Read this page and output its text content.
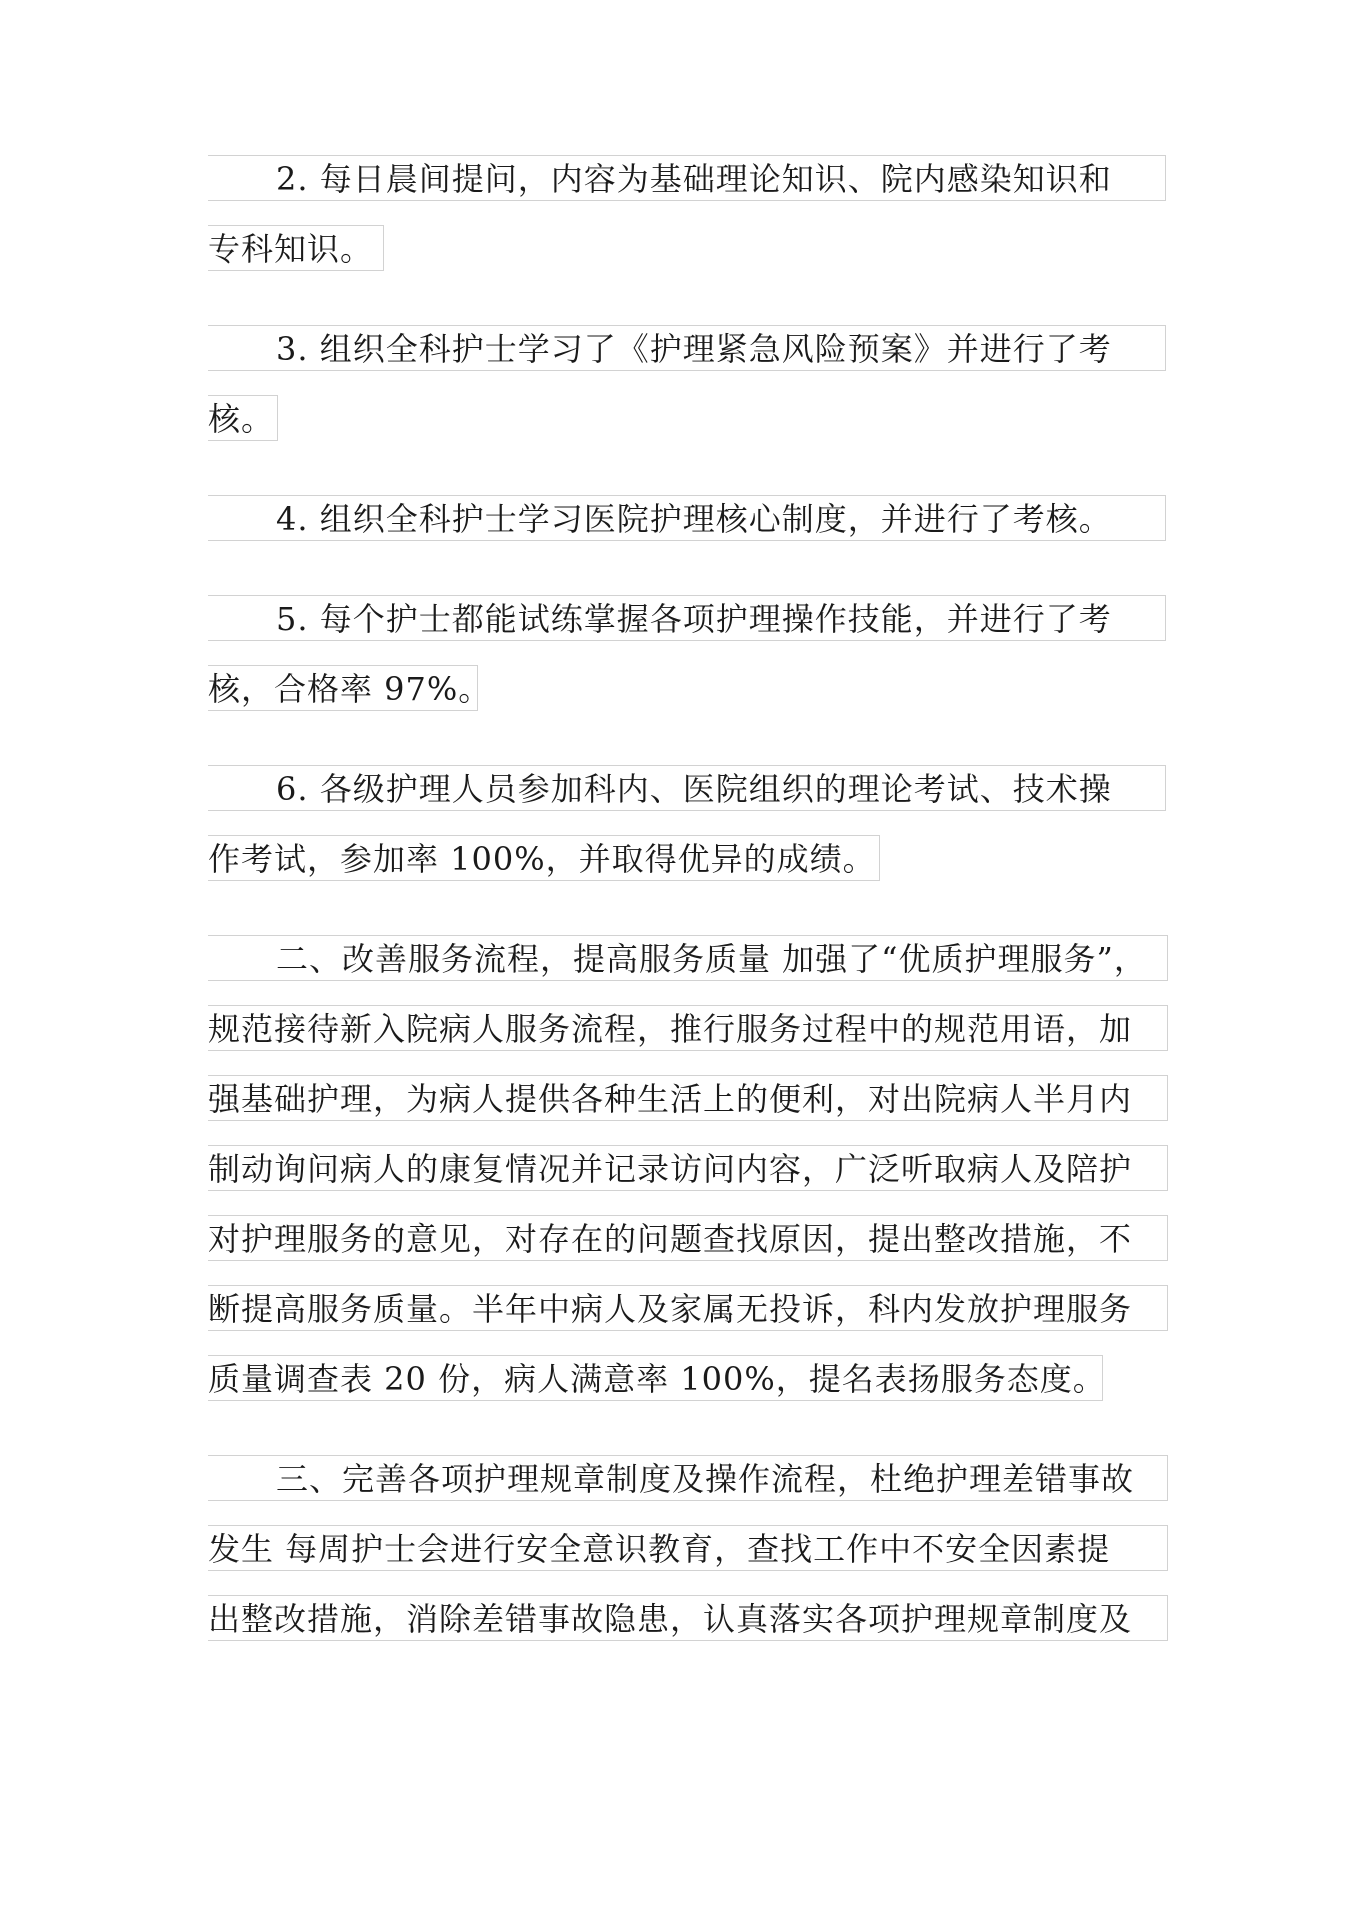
2. 每日晨间提问，内容为基础理论知识、院内感染知识和
专科知识。
3. 组织全科护士学习了《护理紧急风险预案》并进行了考
核。
4. 组织全科护士学习医院护理核心制度，并进行了考核。
5. 每个护士都能试练掌握各项护理操作技能，并进行了考
核，合格率 97%。
6. 各级护理人员参加科内、医院组织的理论考试、技术操
作考试，参加率 100%，并取得优异的成绩。
二、改善服务流程，提高服务质量 加强了“优质护理服务”，
规范接待新入院病人服务流程，推行服务过程中的规范用语，加
强基础护理，为病人提供各种生活上的便利，对出院病人半月内
制动询问病人的康复情况并记录访问内容，广泛听取病人及陪护
对护理服务的意见，对存在的问题查找原因，提出整改措施，不
断提高服务质量。半年中病人及家属无投诉，科内发放护理服务
质量调查表 20 份，病人满意率 100%，提名表扬服务态度。
三、完善各项护理规章制度及操作流程，杜绝护理差错事故
发生 每周护士会进行安全意识教育，查找工作中不安全因素提
出整改措施，消除差错事故隐患，认真落实各项护理规章制度及
